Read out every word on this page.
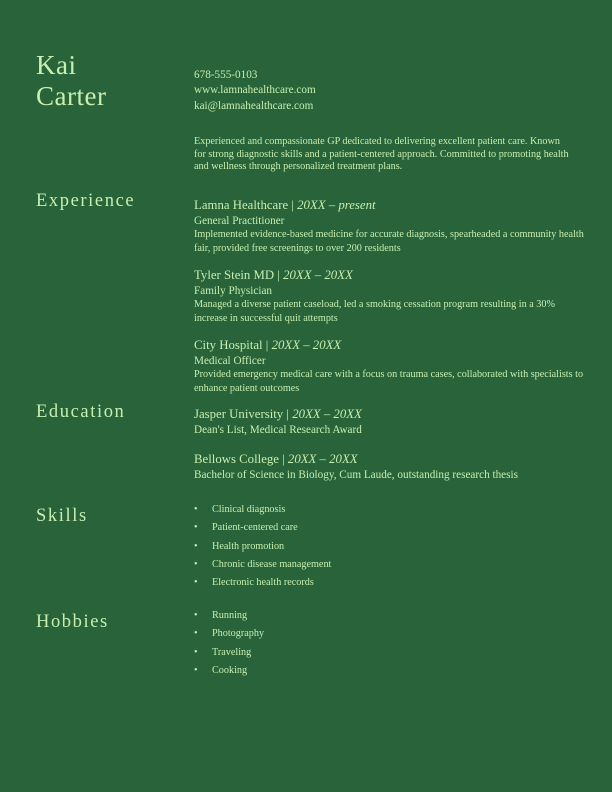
Kai
Carter
678-555-0103
www.lamnahealthcare.com
kai@lamnahealthcare.com
Experienced and compassionate GP dedicated to delivering excellent patient care. Known for strong diagnostic skills and a patient-centered approach. Committed to promoting health and wellness through personalized treatment plans.
Experience	Lamna Healthcare | 20XX – present
General Practitioner
Implemented evidence-based medicine for accurate diagnosis, spearheaded a community health fair, provided free screenings to over 200 residents
Tyler Stein MD | 20XX – 20XX
Family Physician
Managed a diverse patient caseload, led a smoking cessation program resulting in a 30% increase in successful quit attempts
City Hospital | 20XX – 20XX
Medical Officer
Provided emergency medical care with a focus on trauma cases, collaborated with specialists to enhance patient outcomes
Education	Jasper University | 20XX – 20XX
Dean's List, Medical Research Award
Bellows College | 20XX – 20XX
Bachelor of Science in Biology, Cum Laude, outstanding research thesis
Skills	• Clinical diagnosis
• Patient-centered care
• Health promotion
• Chronic disease management
• Electronic health records
Hobbies	• Running
• Photography
• Traveling
• Cooking
